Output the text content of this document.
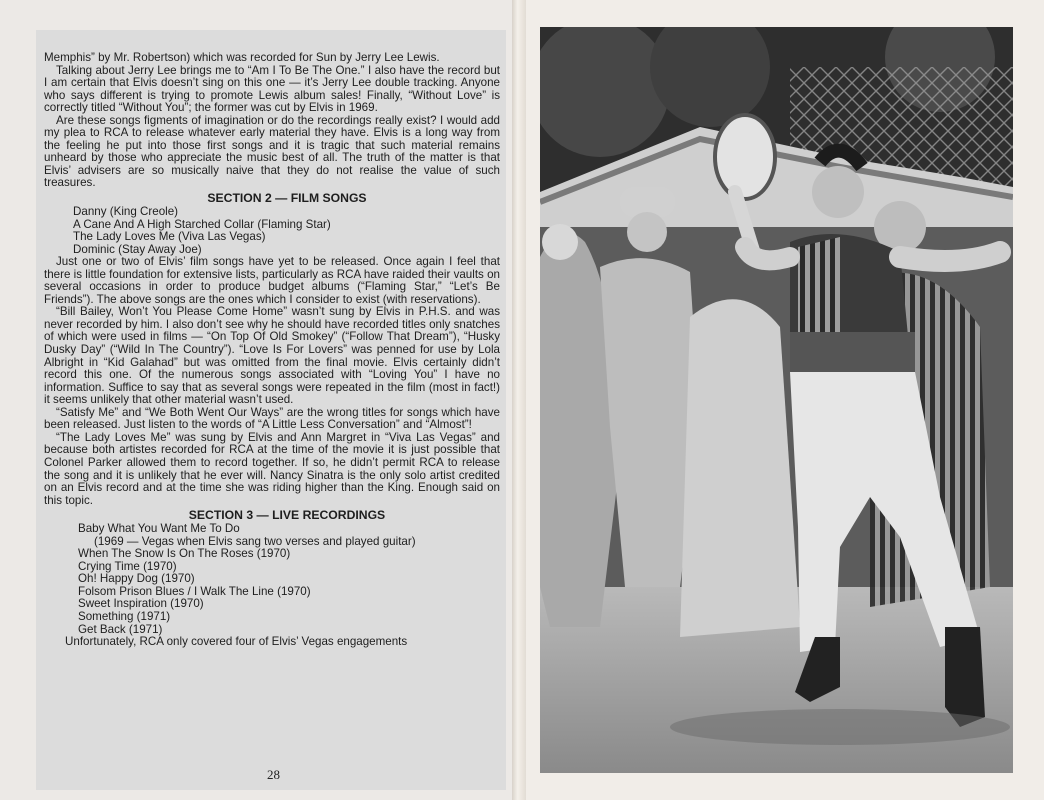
Memphis” by Mr. Robertson) which was recorded for Sun by Jerry Lee Lewis.

Talking about Jerry Lee brings me to “Am I To Be The One.” I also have the record but I am certain that Elvis doesn’t sing on this one — it’s Jerry Lee double tracking. Anyone who says different is trying to promote Lewis album sales! Finally, “Without Love” is correctly titled “Without You”; the former was cut by Elvis in 1969.

Are these songs figments of imagination or do the recordings really exist? I would add my plea to RCA to release whatever early material they have. Elvis is a long way from the feeling he put into those first songs and it is tragic that such material remains unheard by those who appreciate the music best of all. The truth of the matter is that Elvis’ advisers are so musically naive that they do not realise the value of such treasures.

SECTION 2 — FILM SONGS
Danny (King Creole)
A Cane And A High Starched Collar (Flaming Star)
The Lady Loves Me (Viva Las Vegas)
Dominic (Stay Away Joe)

Just one or two of Elvis’ film songs have yet to be released. Once again I feel that there is little foundation for extensive lists, particularly as RCA have raided their vaults on several occasions in order to produce budget albums (“Flaming Star,” “Let’s Be Friends”). The above songs are the ones which I consider to exist (with reservations).

“Bill Bailey, Won’t You Please Come Home” wasn’t sung by Elvis in P.H.S. and was never recorded by him. I also don’t see why he should have recorded titles only snatches of which were used in films — “On Top Of Old Smokey” (“Follow That Dream”), “Husky Dusky Day” (“Wild In The Country”). “Love Is For Lovers” was penned for use by Lola Albright in “Kid Galahad” but was omitted from the final movie. Elvis certainly didn’t record this one. Of the numerous songs associated with “Loving You” I have no information. Suffice to say that as several songs were repeated in the film (most in fact!) it seems unlikely that other material wasn’t used.

“Satisfy Me” and “We Both Went Our Ways” are the wrong titles for songs which have been released. Just listen to the words of “A Little Less Conversation” and “Almost”!

“The Lady Loves Me” was sung by Elvis and Ann Margret in “Viva Las Vegas” and because both artistes recorded for RCA at the time of the movie it is just possible that Colonel Parker allowed them to record together. If so, he didn’t permit RCA to release the song and it is unlikely that he ever will. Nancy Sinatra is the only solo artist credited on an Elvis record and at the time she was riding higher than the King. Enough said on this topic.

SECTION 3 — LIVE RECORDINGS
Baby What You Want Me To Do
(1969 — Vegas when Elvis sang two verses and played guitar)
When The Snow Is On The Roses (1970)
Crying Time (1970)
Oh! Happy Dog (1970)
Folsom Prison Blues / I Walk The Line (1970)
Sweet Inspiration (1970)
Something (1971)
Get Back (1971)
Unfortunately, RCA only covered four of Elvis’ Vegas engagements
28
